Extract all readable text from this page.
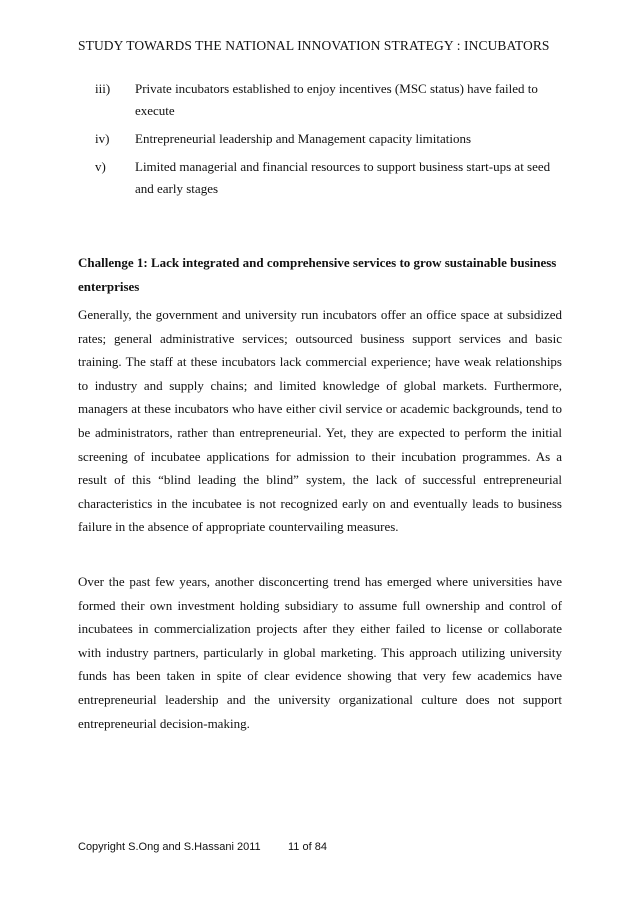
STUDY TOWARDS THE NATIONAL INNOVATION STRATEGY : INCUBATORS
iii)	Private incubators established to enjoy incentives (MSC status) have failed to execute
iv)	Entrepreneurial leadership and Management capacity limitations
v)	Limited managerial and financial resources to support business start-ups at seed and early stages
Challenge 1: Lack integrated and comprehensive services to grow sustainable business enterprises

Generally, the government and university run incubators offer an office space at subsidized rates; general administrative services; outsourced business support services and basic training. The staff at these incubators lack commercial experience; have weak relationships to industry and supply chains; and limited knowledge of global markets. Furthermore, managers at these incubators who have either civil service or academic backgrounds, tend to be administrators, rather than entrepreneurial. Yet, they are expected to perform the initial screening of incubatee applications for admission to their incubation programmes. As a result of this “blind leading the blind” system, the lack of successful entrepreneurial characteristics in the incubatee is not recognized early on and eventually leads to business failure in the absence of appropriate countervailing measures.

Over the past few years, another disconcerting trend has emerged where universities have formed their own investment holding subsidiary to assume full ownership and control of incubatees in commercialization projects after they either failed to license or collaborate with industry partners, particularly in global marketing. This approach utilizing university funds has been taken in spite of clear evidence showing that very few academics have entrepreneurial leadership and the university organizational culture does not support entrepreneurial decision-making.

Copyright S.Ong and S.Hassani 2011 11 of 84
